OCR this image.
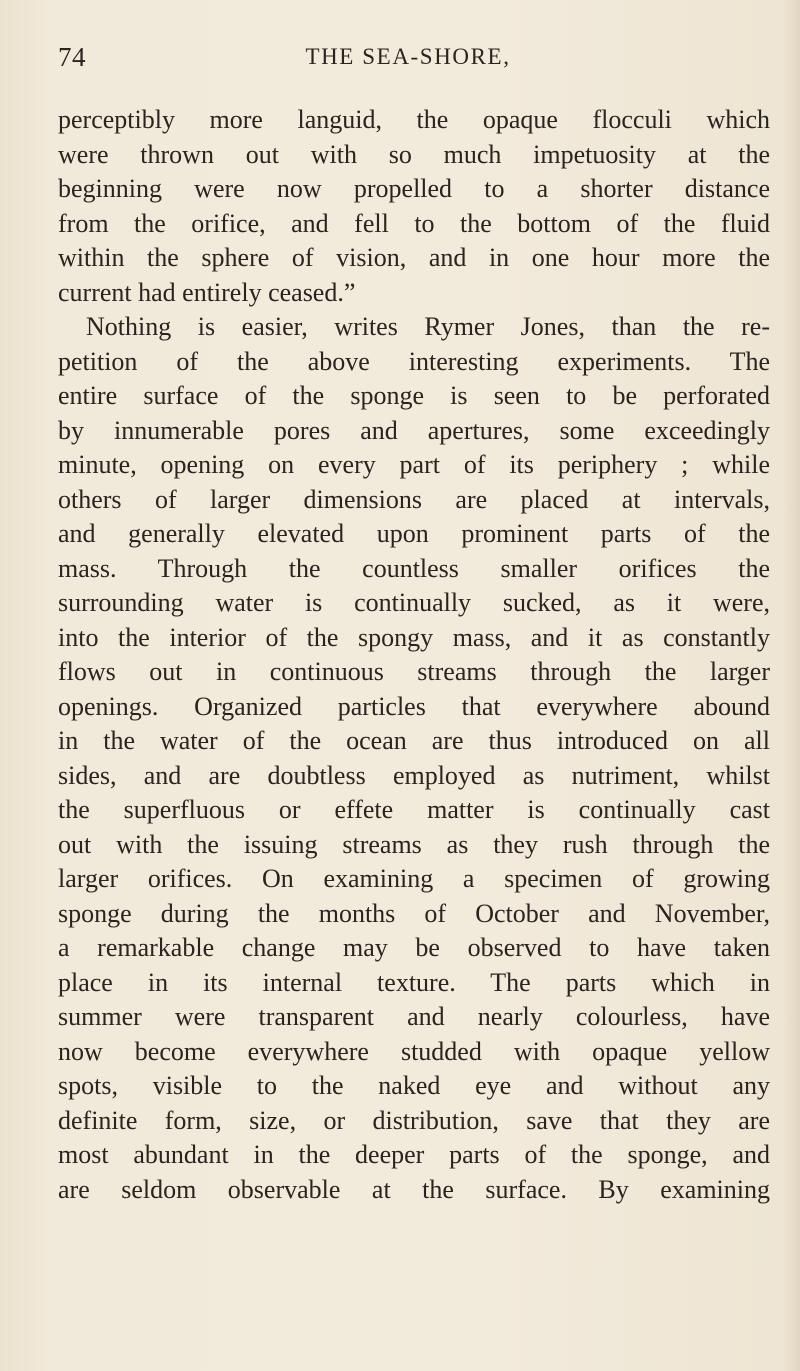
74	THE SEA-SHORE,
perceptibly more languid, the opaque flocculi which
were thrown out with so much impetuosity at the
beginning were now propelled to a shorter distance
from the orifice, and fell to the bottom of the fluid
within the sphere of vision, and in one hour more the
current had entirely ceased.”
Nothing is easier, writes Rymer Jones, than the re-
petition of the above interesting experiments. The
entire surface of the sponge is seen to be perforated
by innumerable pores and apertures, some exceedingly
minute, opening on every part of its periphery ; while
others of larger dimensions are placed at intervals,
and generally elevated upon prominent parts of the
mass. Through the countless smaller orifices the
surrounding water is continually sucked, as it were,
into the interior of the spongy mass, and it as constantly
flows out in continuous streams through the larger
openings. Organized particles that everywhere abound
in the water of the ocean are thus introduced on all
sides, and are doubtless employed as nutriment, whilst
the superfluous or effete matter is continually cast
out with the issuing streams as they rush through the
larger orifices. On examining a specimen of growing
sponge during the months of October and November,
a remarkable change may be observed to have taken
place in its internal texture. The parts which in
summer were transparent and nearly colourless, have
now become everywhere studded with opaque yellow
spots, visible to the naked eye and without any
definite form, size, or distribution, save that they are
most abundant in the deeper parts of the sponge, and
are seldom observable at the surface. By examining
